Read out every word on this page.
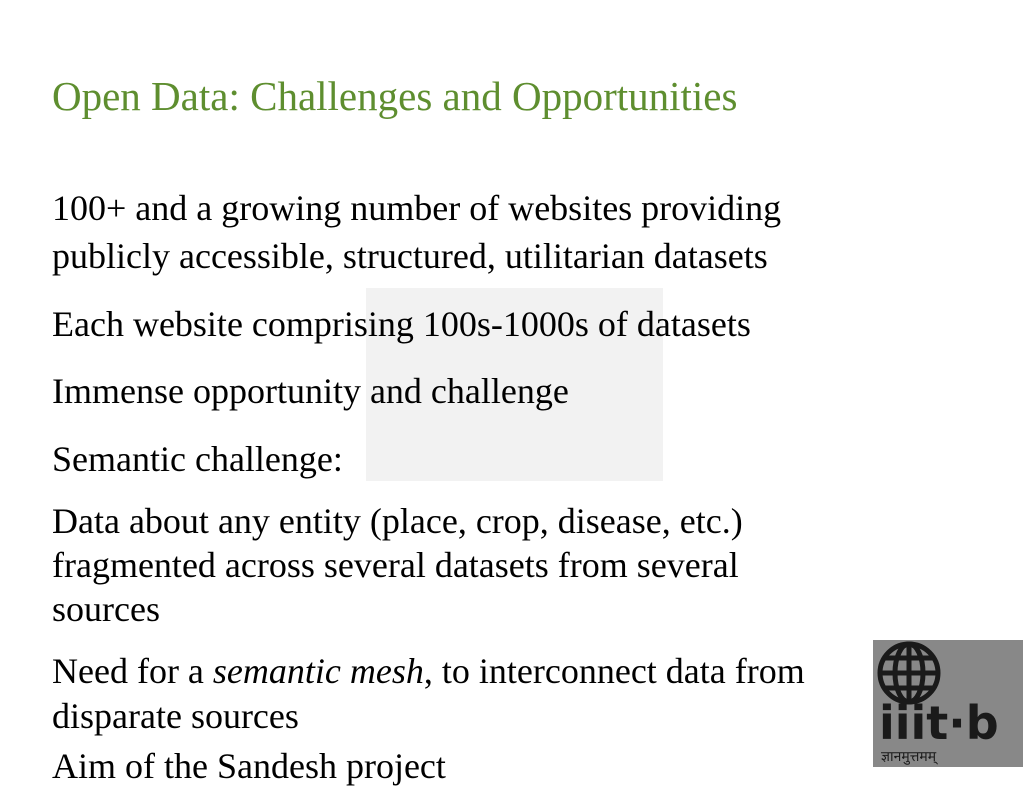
Open Data: Challenges and Opportunities
100+ and a growing number of websites providing
publicly accessible, structured, utilitarian datasets
Each website comprising 100s-1000s of datasets
Immense opportunity and challenge
Semantic challenge:
Data about any entity (place, crop, disease, etc.)
fragmented across several datasets from several
sources
Need for a semantic mesh, to interconnect data from
disparate sources
Aim of the Sandesh project
iiit·b
ज्ञानमुत्तमम्
